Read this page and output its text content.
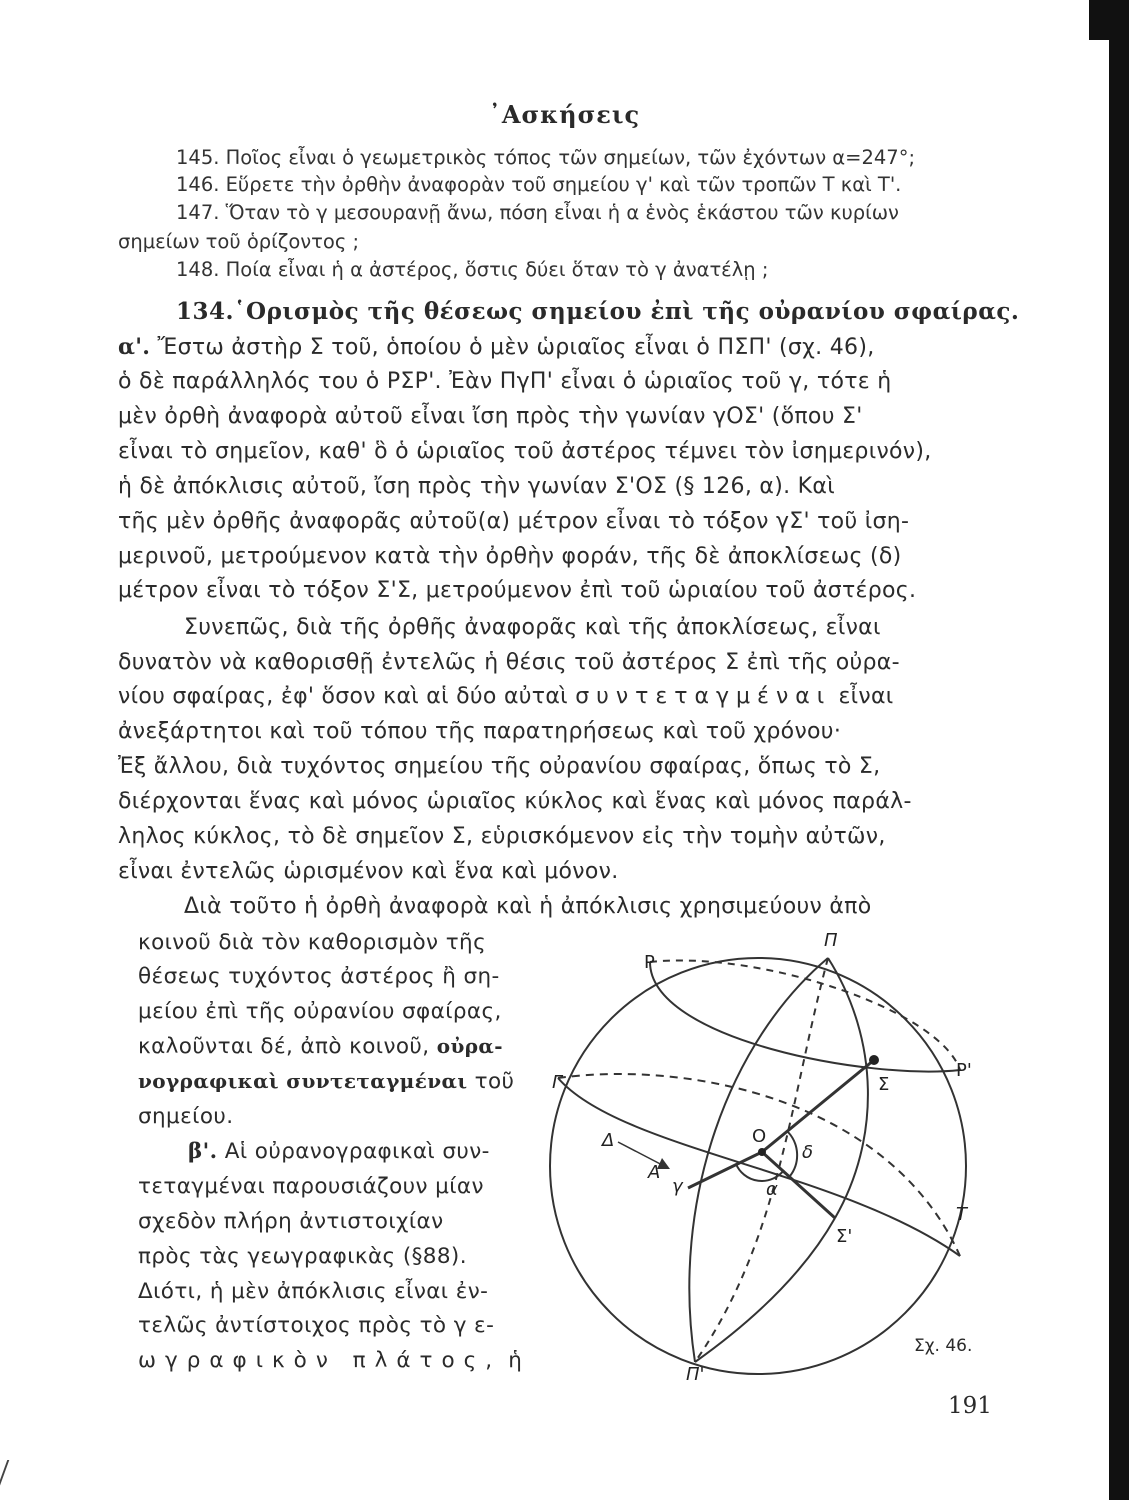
᾿Ασκήσεις
145. Ποῖος εἶναι ὁ γεωμετρικὸς τόπος τῶν σημείων, τῶν ἐχόντων α=247°;
146. Εὕρετε τὴν ὀρθὴν ἀναφορὰν τοῦ σημείου γ' καὶ τῶν τροπῶν Τ καὶ Τ'.
147. Ὅταν τὸ γ μεσουρανῇ ἄνω, πόση εἶναι ἡ α ἑνὸς ἑκάστου τῶν κυρίων
σημείων τοῦ ὁρίζοντος ;
148. Ποία εἶναι ἡ α ἀστέρος, ὅστις δύει ὅταν τὸ γ ἀνατέλῃ ;
134.῾Ορισμὸς τῆς θέσεως σημείου ἐπὶ τῆς οὐρανίου σφαίρας.
α'. Ἔστω ἀστὴρ Σ τοῦ, ὁποίου ὁ μὲν ὡριαῖος εἶναι ὁ ΠΣΠ' (σχ. 46),
ὁ δὲ παράλληλός του ὁ ΡΣΡ'. Ἐὰν ΠγΠ' εἶναι ὁ ὡριαῖος τοῦ γ, τότε ἡ
μὲν ὀρθὴ ἀναφορὰ αὐτοῦ εἶναι ἴση πρὸς τὴν γωνίαν γΟΣ' (ὅπου Σ'
εἶναι τὸ σημεῖον, καθ' ὃ ὁ ὡριαῖος τοῦ ἀστέρος τέμνει τὸν ἰσημερινόν),
ἡ δὲ ἀπόκλισις αὐτοῦ, ἴση πρὸς τὴν γωνίαν Σ'ΟΣ (§ 126, α). Καὶ
τῆς μὲν ὀρθῆς ἀναφορᾶς αὐτοῦ(α) μέτρον εἶναι τὸ τόξον γΣ' τοῦ ἰση-
μερινοῦ, μετρούμενον κατὰ τὴν ὀρθὴν φοράν, τῆς δὲ ἀποκλίσεως (δ)
μέτρον εἶναι τὸ τόξον Σ'Σ, μετρούμενον ἐπὶ τοῦ ὡριαίου τοῦ ἀστέρος.
Συνεπῶς, διὰ τῆς ὀρθῆς ἀναφορᾶς καὶ τῆς ἀποκλίσεως, εἶναι
δυνατὸν νὰ καθορισθῇ ἐντελῶς ἡ θέσις τοῦ ἀστέρος Σ ἐπὶ τῆς οὐρα-
νίου σφαίρας, ἐφ' ὅσον καὶ αἱ δύο αὐταὶ συντεταγμέναι εἶναι
ἀνεξάρτητοι καὶ τοῦ τόπου τῆς παρατηρήσεως καὶ τοῦ χρόνου·
Ἐξ ἄλλου, διὰ τυχόντος σημείου τῆς οὐρανίου σφαίρας, ὅπως τὸ Σ,
διέρχονται ἕνας καὶ μόνος ὡριαῖος κύκλος καὶ ἕνας καὶ μόνος παράλ-
ληλος κύκλος, τὸ δὲ σημεῖον Σ, εὑρισκόμενον εἰς τὴν τομὴν αὐτῶν,
εἶναι ἐντελῶς ὡρισμένον καὶ ἕνα καὶ μόνον.
Διὰ τοῦτο ἡ ὀρθὴ ἀναφορὰ καὶ ἡ ἀπόκλισις χρησιμεύουν ἀπὸ
κοινοῦ διὰ τὸν καθορισμὸν τῆς
θέσεως τυχόντος ἀστέρος ἢ ση-
μείου ἐπὶ τῆς οὐρανίου σφαίρας,
καλοῦνται δέ, ἀπὸ κοινοῦ, οὐρα-
νογραφικαὶ συντεταγμέναι τοῦ
σημείου.
β'. Αἱ οὐρανογραφικαὶ συν-
τεταγμέναι παρουσιάζουν μίαν
σχεδὸν πλήρη ἀντιστοιχίαν
πρὸς τὰς γεωγραφικὰς (§88).
Διότι, ἡ μὲν ἀπόκλισις εἶναι ἐν-
τελῶς ἀντίστοιχος πρὸς τὸ γ ε-
ωγραφικὸν πλάτος, ἡ
Ρ
Π
Ρ'
Σ
Γ
Ο
δ
Δ
Α
γ	α
Τ
Σ'
Π'
Σχ. 46.
191
